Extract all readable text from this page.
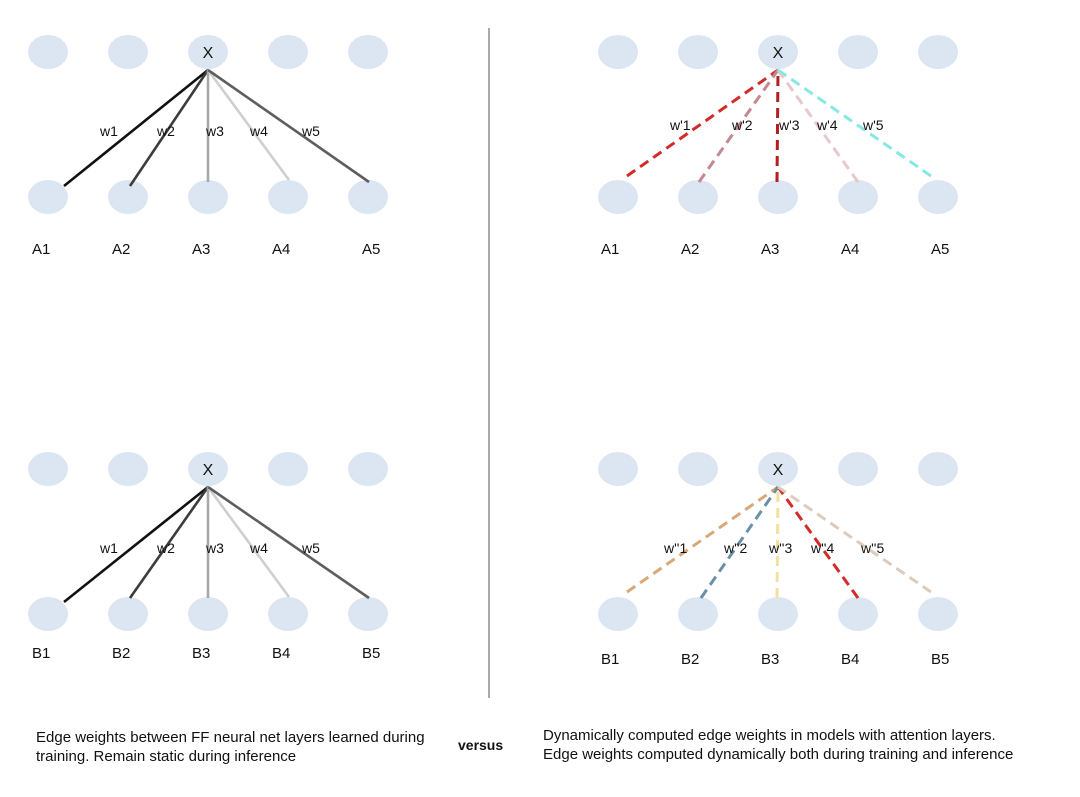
X
w1	w2 w3 w4 w5
A1	A2	A3	A4	A5
X
w'1	w'2 w'3 w'4 w'5
A1	A2	A3	A4	A5
X
w1	w2 w3 w4 w5
B1	B2	B3	B4	B5
X
w''1	w''2 w''3 w''4 w''5
B1	B2	B3	B4	B5
Edge weights between FF neural net layers learned during training. Remain static during inference
versus
Dynamically computed edge weights in models with attention layers. Edge weights computed dynamically both during training and inference
